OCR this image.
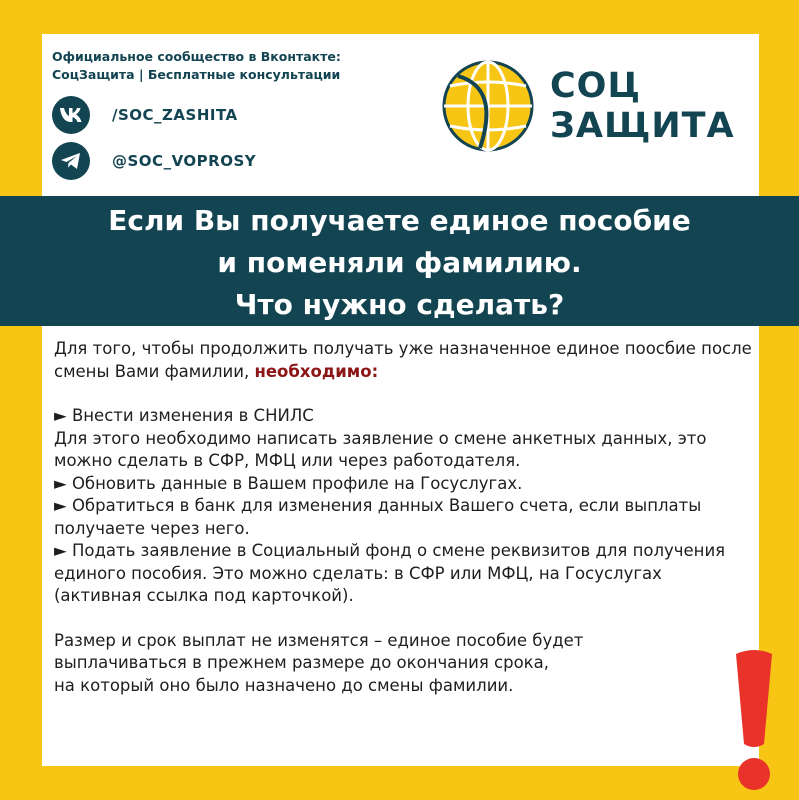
Официальное сообщество в Вконтакте:
СоцЗащита | Бесплатные консультации
/SOC_ZASHITA
@SOC_VOPROSY
СОЦ
ЗАЩИТА
Если Вы получаете единое пособие
и поменяли фамилию.
Что нужно сделать?

Для того, чтобы продолжить получать уже назначенное единое поосбие после смены Вами фамилии, необходимо:

► Внести изменения в СНИЛС

Для этого необходимо написать заявление о смене анкетных данных, это можно сделать в СФР, МФЦ или через работодателя.

► Обновить данные в Вашем профиле на Госуслугах.

► Обратиться в банк для изменения данных Вашего счета, если выплаты получаете через него.

► Подать заявление в Социальный фонд о смене реквизитов для получения единого пособия. Это можно сделать: в СФР или МФЦ, на Госуслугах (активная ссылка под карточкой).

Размер и срок выплат не изменятся – единое пособие будет

выплачиваться в прежнем размере до окончания срока,

на который оно было назначено до смены фамилии.
